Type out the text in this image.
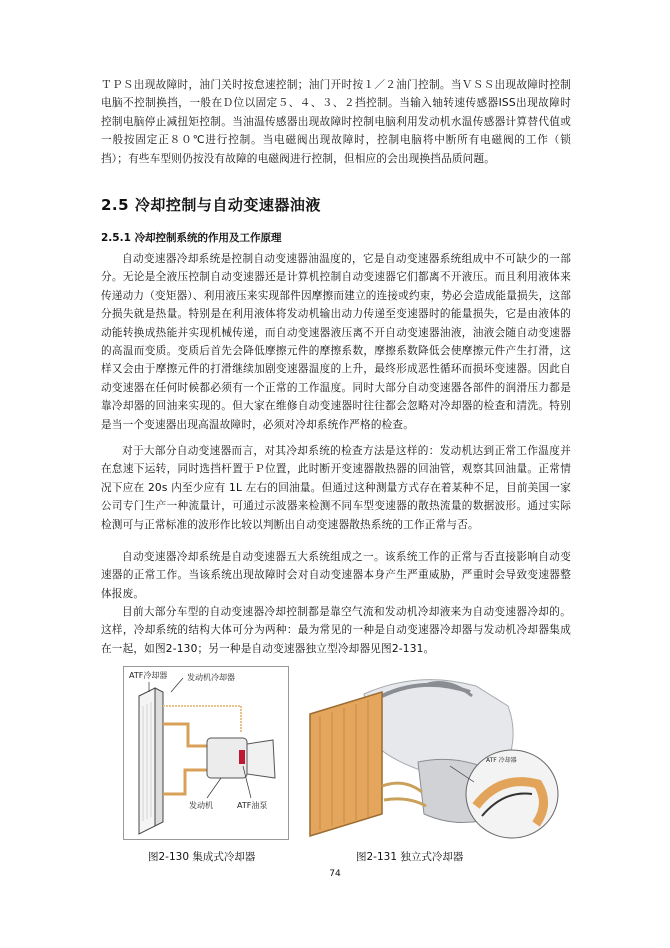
ＴＰＳ出现故障时，油门关时按怠速控制；油门开时按１／２油门控制。当ＶＳＳ出现故障时控制电脑不控制换挡，一般在Ｄ位以固定５、４、３、２挡控制。当输入轴转速传感器ISS出现故障时控制电脑停止减扭矩控制。当油温传感器出现故障时控制电脑利用发动机水温传感器计算替代值或一般按固定正８０℃进行控制。当电磁阀出现故障时，控制电脑将中断所有电磁阀的工作（锁挡）；有些车型则仍按没有故障的电磁阀进行控制，但相应的会出现换挡品质问题。

2.5 冷却控制与自动变速器油液
2.5.1 冷却控制系统的作用及工作原理

自动变速器冷却系统是控制自动变速器油温度的，它是自动变速器系统组成中不可缺少的一部分。无论是全液压控制自动变速器还是计算机控制自动变速器它们都离不开液压。而且利用液体来传递动力（变矩器）、利用液压来实现部件因摩擦而建立的连接或约束，势必会造成能量损失，这部分损失就是热量。特别是在利用液体将发动机输出动力传递至变速器时的能量损失，它是由液体的动能转换成热能并实现机械传递，而自动变速器液压离不开自动变速器油液，油液会随自动变速器的高温而变质。变质后首先会降低摩擦元件的摩擦系数，摩擦系数降低会使摩擦元件产生打滑，这样又会由于摩擦元件的打滑继续加剧变速器温度的上升，最终形成恶性循环而损坏变速器。因此自动变速器在任何时候都必须有一个正常的工作温度。同时大部分自动变速器各部件的润滑压力都是靠冷却器的回油来实现的。但大家在维修自动变速器时往往都会忽略对冷却器的检查和清洗。特别是当一个变速器出现高温故障时，必须对冷却系统作严格的检查。

对于大部分自动变速器而言，对其冷却系统的检查方法是这样的：发动机达到正常工作温度并在怠速下运转，同时选挡杆置于Ｐ位置，此时断开变速器散热器的回油管，观察其回油量。正常情况下应在 20s 内至少应有 1L 左右的回油量。但通过这种测量方式存在着某种不足，目前美国一家公司专门生产一种流量计，可通过示波器来检测不同车型变速器的散热流量的数据波形。通过实际检测可与正常标准的波形作比较以判断出自动变速器散热系统的工作正常与否。

自动变速器冷却系统是自动变速器五大系统组成之一。该系统工作的正常与否直接影响自动变速器的正常工作。当该系统出现故障时会对自动变速器本身产生严重威胁，严重时会导致变速器整体报废。

目前大部分车型的自动变速器冷却控制都是靠空气流和发动机冷却液来为自动变速器冷却的。这样，冷却系统的结构大体可分为两种：最为常见的一种是自动变速器冷却器与发动机冷却器集成在一起，如图2-130；另一种是自动变速器独立型冷却器见图2-131。

ATF冷却器 发动机冷却器
发动机	ATF油泵
ATF 冷却器

图2-130 集成式冷却器	图2-131 独立式冷却器

74
